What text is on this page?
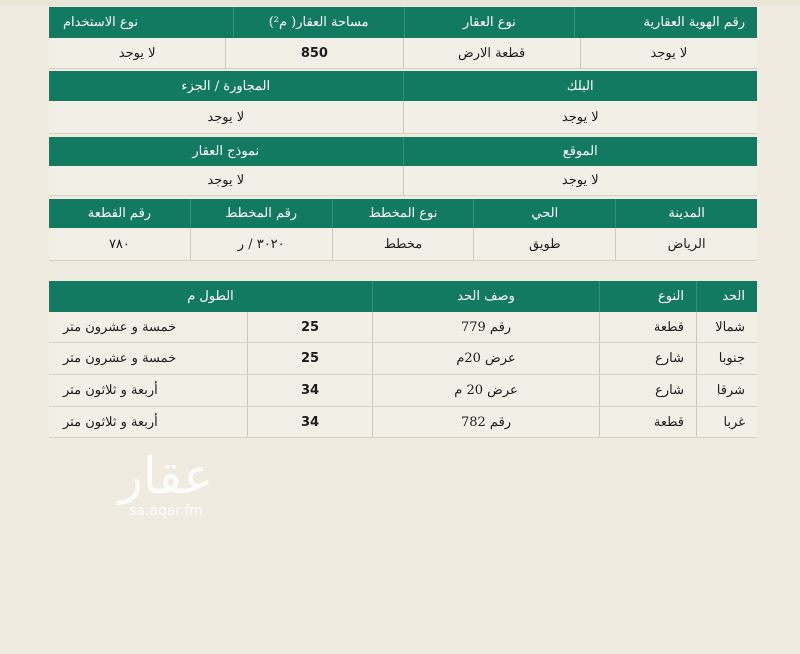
رقم الهوية العقارية
نوع العقار
مساحة العقار( م²)
نوع الاستخدام
لا يوجد
قطعة الارض
850
لا يوجد
البلك
المجاورة / الجزء
لا يوجد
لا يوجد
الموقع
نموذج العقار
لا يوجد
لا يوجد
المدينة
الحي
نوع المخطط
رقم المخطط
رقم القطعة
الرياض
طويق
مخطط
٣٠٢٠ / ر
٧٨٠
الحد
النوع
وصف الحد
الطول م
شمالا
قطعة
رقم 779
25
خمسة و عشرون متر
جنوبا
شارع
عرض 20م
25
خمسة و عشرون متر
شرقا
شارع
عرض 20 م
34
أربعة و ثلاثون متر
غربا
قطعة
رقم 782
34
أربعة و ثلاثون متر
عقار
sa.aqar.fm
